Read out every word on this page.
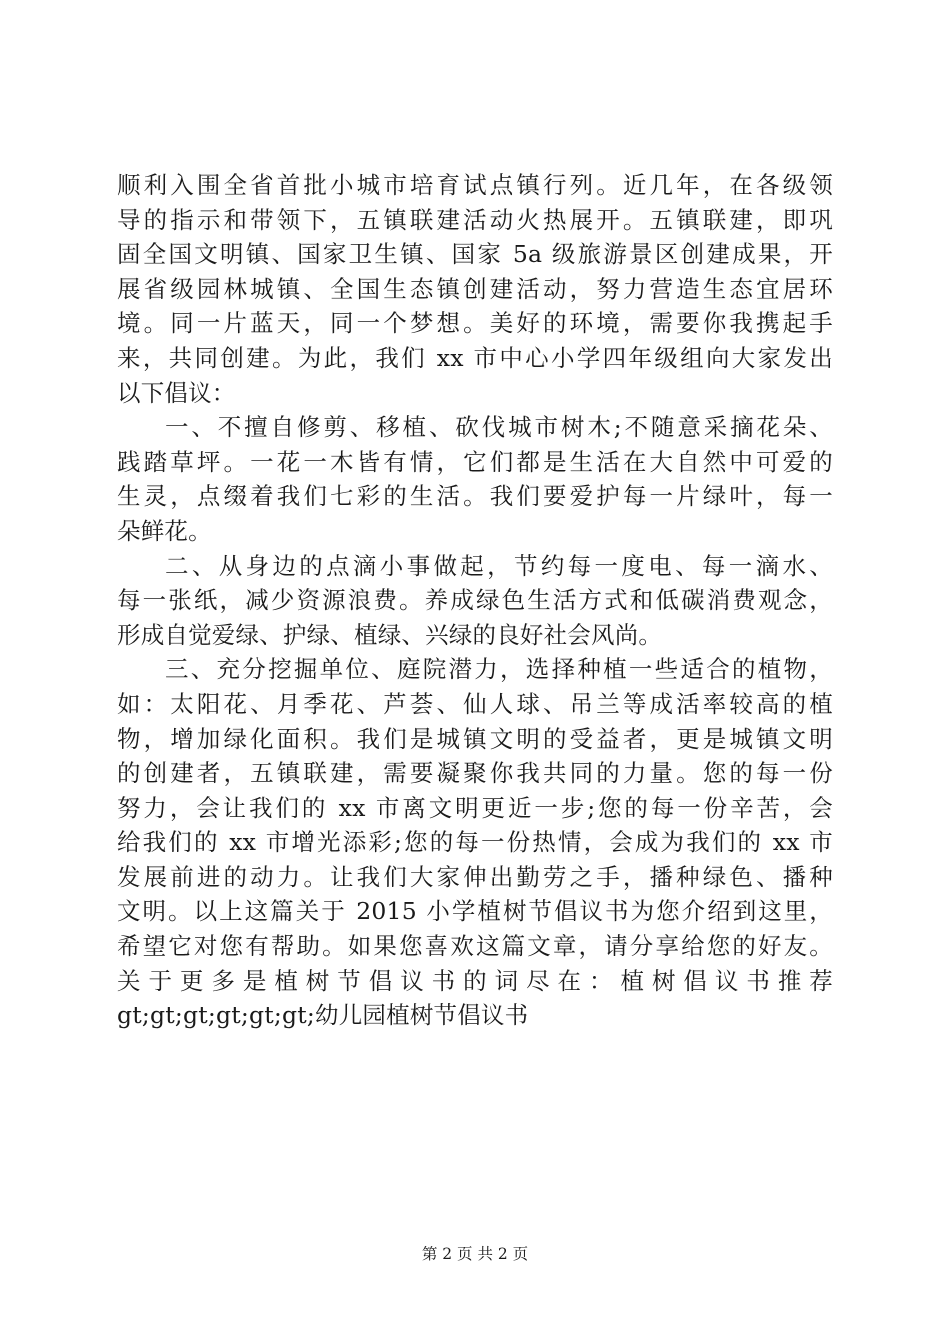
顺利入围全省首批小城市培育试点镇行列。近几年，在各级领
导的指示和带领下，五镇联建活动火热展开。五镇联建，即巩
固全国文明镇、国家卫生镇、国家 5a 级旅游景区创建成果，开
展省级园林城镇、全国生态镇创建活动，努力营造生态宜居环
境。同一片蓝天，同一个梦想。美好的环境，需要你我携起手
来，共同创建。为此，我们 xx 市中心小学四年级组向大家发出
以下倡议：
一、不擅自修剪、移植、砍伐城市树木;不随意采摘花朵、
践踏草坪。一花一木皆有情，它们都是生活在大自然中可爱的
生灵，点缀着我们七彩的生活。我们要爱护每一片绿叶，每一
朵鲜花。
二、从身边的点滴小事做起，节约每一度电、每一滴水、
每一张纸，减少资源浪费。养成绿色生活方式和低碳消费观念，
形成自觉爱绿、护绿、植绿、兴绿的良好社会风尚。
三、充分挖掘单位、庭院潜力，选择种植一些适合的植物，
如：太阳花、月季花、芦荟、仙人球、吊兰等成活率较高的植
物，增加绿化面积。我们是城镇文明的受益者，更是城镇文明
的创建者，五镇联建，需要凝聚你我共同的力量。您的每一份
努力，会让我们的 xx 市离文明更近一步;您的每一份辛苦，会
给我们的 xx 市增光添彩;您的每一份热情，会成为我们的 xx 市
发展前进的动力。让我们大家伸出勤劳之手，播种绿色、播种
文明。以上这篇关于 2015 小学植树节倡议书为您介绍到这里，
希望它对您有帮助。如果您喜欢这篇文章，请分享给您的好友。
关于更多是植树节倡议书的词尽在：植树倡议书推荐
gt;gt;gt;gt;gt;gt;幼儿园植树节倡议书
第 2 页 共 2 页
